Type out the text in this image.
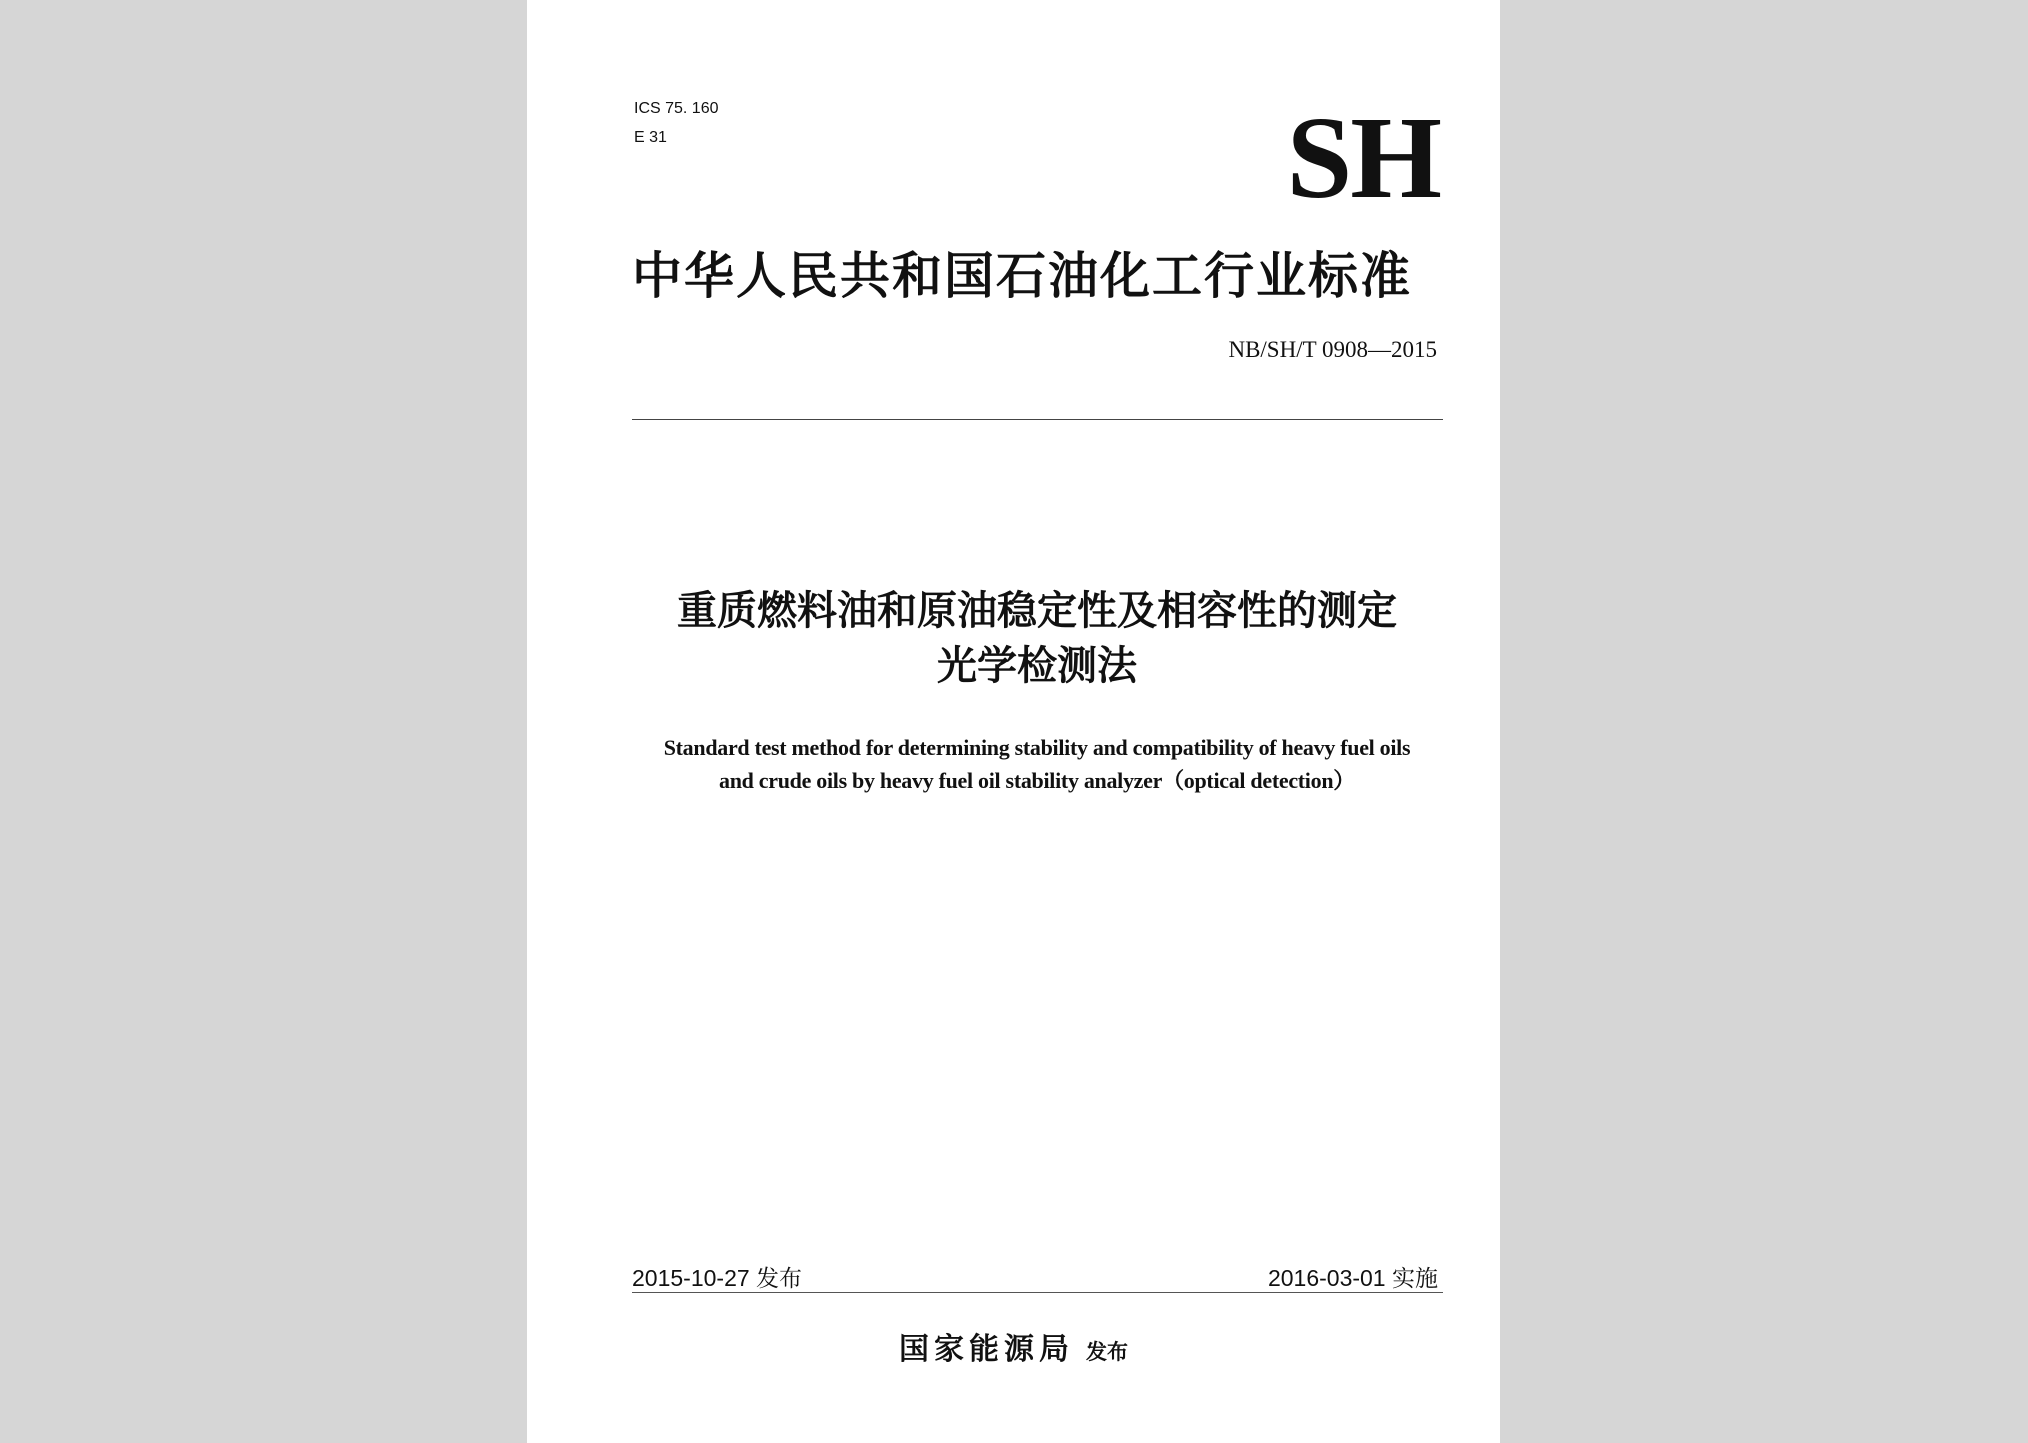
ICS 75. 160

E 31	SH
中华人民共和国石油化工行业标准

NB/SH/T 0908—2015

重质燃料油和原油稳定性及相容性的测定
光学检测法
Standard test method for determining stability and compatibility of heavy fuel oils
and crude oils by heavy fuel oil stability analyzer（optical detection）

2015-10-27 发布	2016-03-01 实施

国家能源局 发布
